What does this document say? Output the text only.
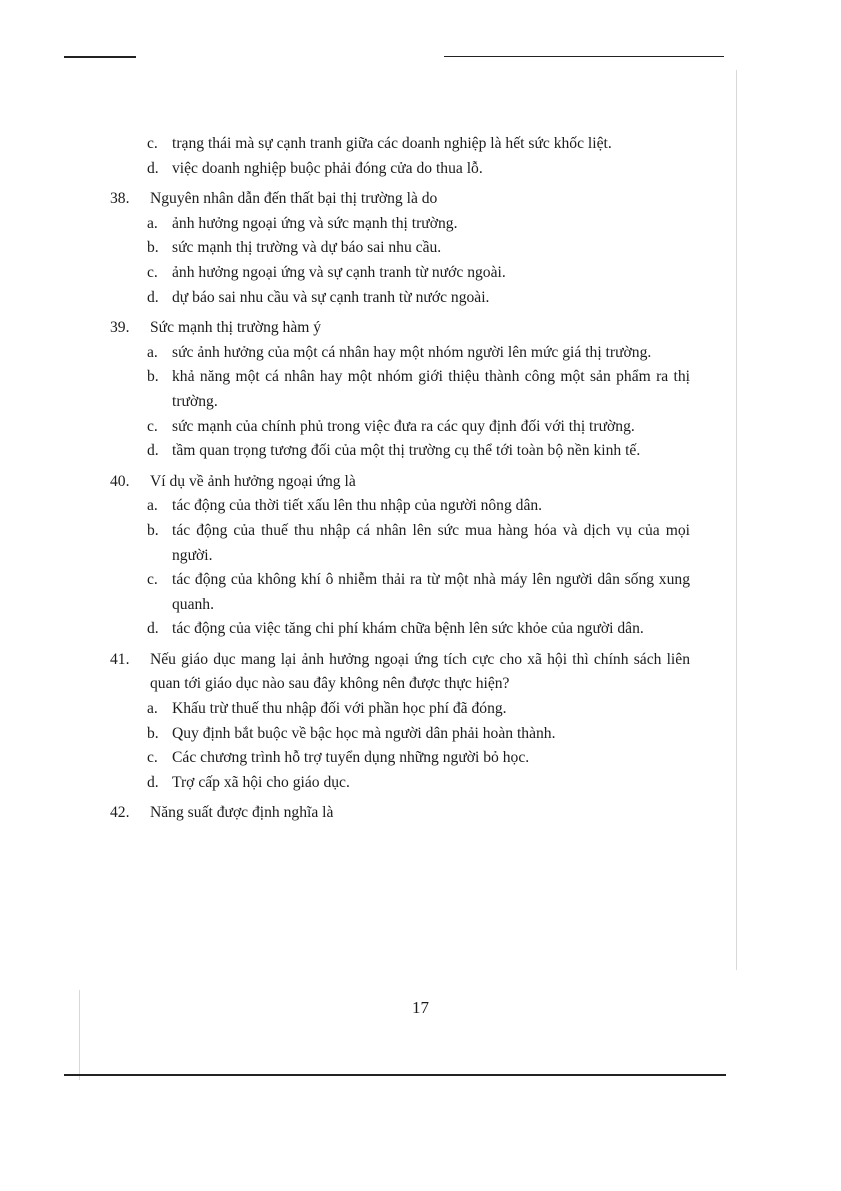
c. trạng thái mà sự cạnh tranh giữa các doanh nghiệp là hết sức khốc liệt.
d. việc doanh nghiệp buộc phải đóng cửa do thua lỗ.
38. Nguyên nhân dẫn đến thất bại thị trường là do
a. ảnh hưởng ngoại ứng và sức mạnh thị trường.
b. sức mạnh thị trường và dự báo sai nhu cầu.
c. ảnh hưởng ngoại ứng và sự cạnh tranh từ nước ngoài.
d. dự báo sai nhu cầu và sự cạnh tranh từ nước ngoài.
39. Sức mạnh thị trường hàm ý
a. sức ảnh hưởng của một cá nhân hay một nhóm người lên mức giá thị trường.
b. khả năng một cá nhân hay một nhóm giới thiệu thành công một sản phẩm ra thị trường.
c. sức mạnh của chính phủ trong việc đưa ra các quy định đối với thị trường.
d. tầm quan trọng tương đối của một thị trường cụ thể tới toàn bộ nền kinh tế.
40. Ví dụ về ảnh hưởng ngoại ứng là
a. tác động của thời tiết xấu lên thu nhập của người nông dân.
b. tác động của thuế thu nhập cá nhân lên sức mua hàng hóa và dịch vụ của mọi người.
c. tác động của không khí ô nhiễm thải ra từ một nhà máy lên người dân sống xung quanh.
d. tác động của việc tăng chi phí khám chữa bệnh lên sức khỏe của người dân.
41. Nếu giáo dục mang lại ảnh hưởng ngoại ứng tích cực cho xã hội thì chính sách liên quan tới giáo dục nào sau đây không nên được thực hiện?
a. Khấu trừ thuế thu nhập đối với phần học phí đã đóng.
b. Quy định bắt buộc về bậc học mà người dân phải hoàn thành.
c. Các chương trình hỗ trợ tuyển dụng những người bỏ học.
d. Trợ cấp xã hội cho giáo dục.
42. Năng suất được định nghĩa là
17
